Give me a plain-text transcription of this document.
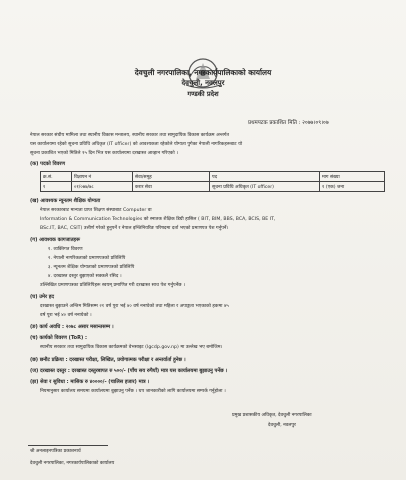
देवचुली नगरपालिका, नगरकार्यपालिकाको कार्यालय
देवचुली, नवलपुर
गण्डकी प्रदेश
प्रथमपटक प्रकाशित मिति : २०७७।०९।०७
नेपाल सरकार संघीय मामिला तथा स्थानीय विकास मन्त्रालय, स्थानीय सरकार तथा सामुदायिक विकास कार्यक्रम अन्तर्गत
यस कार्यालयमा रहेको सूचना प्रविधि अधिकृत (IT officer) को आवश्यकता रहेकोले योग्यता पुगेका नेपाली नागरिकहरूबाट यो
सूचना प्रकाशित भएको मितिले १५ दिन भित्र यस कार्यालयमा दरखास्त आव्हान गरिएको ।
(क) पदको विवरण
क्र.सं.	विज्ञापन नं	सेवा/समूह	पद	माग संख्या
१	०१/०७७/७८	करार सेवा	सूचना प्रविधि अधिकृत (IT officer)	१ (एक) जना
(ख) आवश्यक न्यूनतम शैक्षिक योग्यता
नेपाल सरकारबाट मान्यता प्राप्त शिक्षण संस्थाबाट Computer वा
Information & Communication Technologies को स्नातक शैक्षिक डिग्री हासिल ( BIT, BIM, BBS, BCA, BCIS, BE IT,
BSc.IT, BAC, CSIT) उत्तीर्ण गरेको हुनुपर्ने र नेपाल इन्जिनियरिङ परिषदमा दर्ता भएको प्रमाणपत्र पेश गर्नुपर्ने।
(ग) आवश्यक कागजातहरू
१. व्यक्तिगत विवरण
२. नेपाली नागरिकताको प्रमाणपत्रको प्रतिलिपि
३. न्यूनतम शैक्षिक योग्यताको प्रमाणपत्रको प्रतिलिपि
४. दरखास्त दस्तुर बुझाएको सक्कलै रसिद ।
उल्लिखित प्रमाणपत्रका प्रतिलिपिहरू स्वयम् प्रमाणित गरी दरखास्त साथ पेश गर्नुपर्नेछ ।
(घ) उमेर हद
दरखास्त बुझाउने अन्तिम मितिसम्म २१ वर्ष पूरा भई ४० वर्ष ननाघेको तथा महिला र अपाङ्गता भएकाको हकमा ४५
वर्ष पूरा भई ४० वर्ष ननाघेको ।
(ङ) कार्य अवधि : २०७८ असार मसान्तसम्म ।
(च) कार्यको विवरण (ToR) :
स्थानीय सरकार तथा सामुदायिक विकास कार्यक्रमको वेभसाइट (lgcdp.gov.np) मा उल्लेख भए बमोजिम।
(छ) छनौट प्रक्रिया : दरखास्त परीक्षा, लिखित, प्रयोगात्मक परीक्षा र अन्तर्वार्ता हुनेछ ।
(ज) दरखास्त दस्तुर : दरखास्त दस्तुरबापत रु ५००/- (पाँच सय रुपैयाँ) मात्र यस कार्यालयमा बुझाउनु पर्नेछ ।
(झ) सेवा र सुविधा : मासिक रु ४००००/- (चालिस हजार) मात्र ।
नियमानुसार कार्यालय समयमा कार्यालयमा बुझाउनु पर्नेछ । थप जानकारीको लागि कार्यालयमा सम्पर्क गर्नुहोला ।
प्रमुख प्रशासकीय अधिकृत, देवचुली नगरपालिका
देवचुली, नवलपुर
श्री अनलाइनपत्रिका प्रकाशनार्थ
देवचुली नगरपालिका, नगरकार्यपालिकाको कार्यालय
